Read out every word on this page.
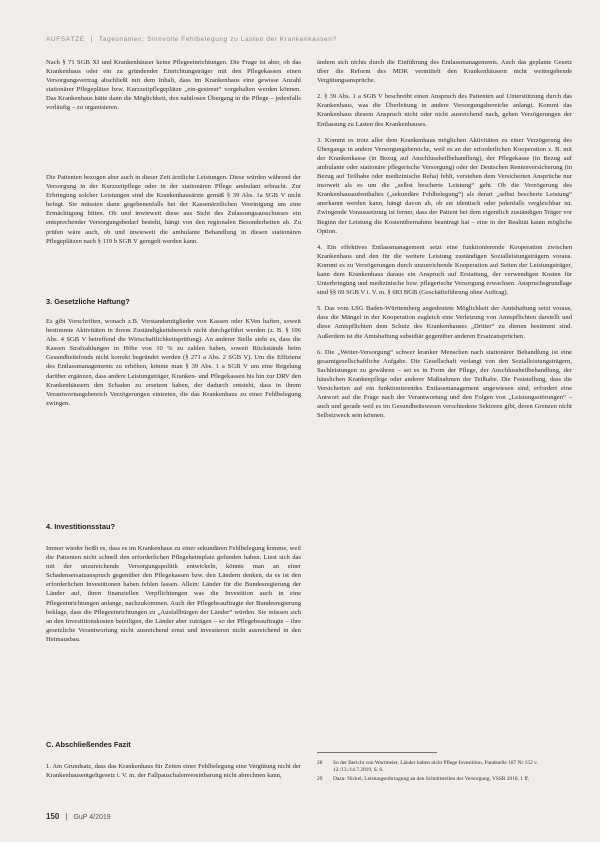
AUFSÄTZE | Tagesnamen: Sinnvolle Fehlbelegung zu Lasten der Krankenkassen?

Nach § 71 SGB XI und Krankenhäuser keine Pflegeeinrichtungen. Die Frage ist aber, ob das Krankenhaus oder ein zu gründender Einrichtungsträger mit den Pflegekassen einen Versorgungsvertrag abschließt mit dem Inhalt, dass im Krankenhaus eine gewisse Anzahl stationärer Pflegeplätze bzw. Kurzzeitpflegeplätze „ein-gestreut“ vorgehalten werden können. Das Krankenhaus hätte dann die Möglichkeit, den nahtlosen Übergang in die Pflege – jedenfalls vorläufig – zu organisieren.

Die Patienten bezogen aber auch in dieser Zeit ärztliche Leistungen. Diese würden während der Versorgung in der Kurzzeitpflege oder in der stationären Pflege ambulant erbracht. Zur Erbringung solcher Leistungen sind die Krankenhausärzte gemäß § 39 Abs. 1a SGB V nicht befugt. Sie müssten dann gegebenenfalls bei der Kassenärztlichen Vereinigung um eine Ermächtigung bitten. Ob und inwieweit diese aus Sicht des Zulassungsausschusses ein entsprechender Versorgungsbedarf besteht, hängt von den regionalen Besonderheiten ab. Zu prüfen wäre auch, ob und inwieweit die ambulante Behandlung in diesen stationären Pflegeplätzen nach § 119 b SGB V geregelt werden kann.

3. Gesetzliche Haftung?

Es gibt Vorschriften, wonach z.B. Vorstandsmitglieder von Kassen oder KVen haften, soweit bestimmte Aktivitäten in ihrem Zuständigkeitsbereich nicht durchgeführt werden (z. B. § 106 Abs. 4 SGB V betreffend die Wirtschaftlichkeitsprüfung). An anderer Stelle sieht es, dass die Kassen Strafzahlungen in Höhe von 10 % zu zahlen haben, soweit Rückstände beim Gesundheitsfonds nicht korrekt begründet werden (§ 271 a Abs. 2 SGB V). Um die Effizienz des Entlassmanagements zu erhöhen, könnte man § 39 Abs. 1 a SGB V um eine Regelung darüber ergänzen, dass andere Leistungsträger, Kranken- und Pflegekassen bis hin zur DRV den Krankenhäusern den Schaden zu ersetzen haben, der dadurch entsteht, dass in ihrem Verantwortungsbereich Verzögerungen eintreten, die das Krankenhaus zu einer Fehlbelegung zwingen.

4. Investitionsstau?

Immer wieder heißt es, dass es im Krankenhaus zu einer sekundären Fehlbelegung komme, weil die Patienten nicht schnell den erforderlichen Pflegeheimplatz gefunden haben. Liest sich das mit der unzureichende Versorgungspolitik entwickeln, könnte man an einer Schadensersatzanspruch gegenüber den Pflegekassen bzw. den Ländern denken, da es ist den erforderlichen Investitionen haben fehlen lassen. Allein: Länder für die Bundesregierung der Länder auf, ihren finanziellen Verpflichtungen was die Investition auch in eine Pflegeeinrichtungen anlange, nachzukommen. Auch der Pflegebeauftragte der Bundesregierung beklage, dass die Pflegeeinrichtungen zu „Ausfallbürgen der Länder“ würden. Sie müssen sich an den Investitionskosten beteiligen, die Länder aber zuträgen – so der Pflegebeauftragte – ihre gesetzliche Verantwortung nicht ausreichend ernst und investieren nicht ausreichend in den Heimausbau.

ändern sich nichts durch die Einführung des Entlassmanagements. Auch das geplante Gesetz über die Reform des MDK vermittelt den Krankenhäusern nicht weitergehende Vergütungsansprüche.

2. § 39 Abs. 1 a SGB V beschreibt einen Anspruch des Patienten auf Unterstützung durch das Krankenhaus, was die Überleitung in andere Versorgungsbereiche anlangt. Kommt das Krankenhaus diesem Anspruch nicht oder nicht ausreichend nach, gehen Verzögerungen der Entlassung zu Lasten des Krankenhauses.

3. Kommt es trotz aller dem Krankenhaus möglichen Aktivitäten zu einer Verzögerung des Übergangs in andere Versorgungsbereiche, weil es an der erforderlichen Kooperation z. B. mit der Krankenkasse (in Bezug auf Anschlussheilbehandlung), der Pflegekasse (in Bezug auf ambulante oder stationäre pflegerische Versorgung) oder der Deutschen Rentenversicherung (in Bezug auf Teilhabe oder medizinische Reha) fehlt, verstehen dem Versicherten Ansprüche nur insoweit als es um die „selbst bescherte Leistung“ geht. Ob die Verzögerung des Krankenhausaufenthaltes („sekundäre Fehlbelegung“) als derart „selbst bescherte Leistung“ anerkannt werden kann, hängt davon ab, ob sie identisch oder jedenfalls vergleichbar ist. Zwingende Voraussetzung ist ferner, dass der Patient bei dem eigentlich zuständigen Träger vor Beginn der Leistung die Kostenübernahme beantragt hat – eine in der Realität kaum mögliche Option.

4. Ein effektives Entlassmanagement setzt eine funktionierende Kooperation zwischen Krankenhaus und den für die weitere Leistung zuständigen Sozialleistungsträgern voraus. Kommt es zu Verzögerungen durch unzureichende Kooperation auf Seiten der Leistungsträger, kann dem Krankenhaus daraus ein Anspruch auf Erstattung, der verwendigen Kosten für Unterbringung und medizinische bzw. pflegerische Versorgung erwachsen. Anspruchsgrundlage sind §§ 69 SGB V i. V. m. § 683 BGB (Geschäftsführung ohne Auftrag).

5. Das vom LSG Baden-Württemberg angedeutete Möglichkeit der Amtshaftung setzt voraus, dass die Mängel in der Kooperation zugleich eine Verletzung von Amtspflichten darstellt und diese Amtspflichten dem Schutz des Krankenhauses „Dritter“ zu dienen bestimmt sind. Außerdem ist die Amtshaftung subsidiär gegenüber anderen Ersatzansprüchen.

6. Die „Weiter-Versorgung“ schwer kranker Menschen nach stationärer Behandlung ist eine gesamtgesellschaftliche Aufgabe. Die Gesellschaft verlangt von den Sozialleistungsträgern, Sachleistungen zu gewähren – sei es in Form der Pflege, der Anschlussheilbehandlung, der häuslichen Krankenpflege oder anderer Maßnahmen der Teilhabe. Die Feststellung, dass die Versicherten auf ein funktionierendes Entlassmanagement angewiesen sind, erfordert eine Antwort auf die Frage nach der Verantwortung und den Folgen von „Leistungsstörungen“ – auch und gerade weil es im Gesundheitswesen verschiedene Sektoren gibt, deren Grenzen nicht Selbstzweck sein können.

C. Abschließendes Fazit

1. Am Grundsatz, dass das Krankenhaus für Zeiten einer Fehlbelegung eine Vergütung nicht der Krankenhausentgeltgesetz i. V. m. der Fallpauschalenvereinbarung nicht abrechnen kann,

28	So der Bericht von Wortmeier, Länder halten nicht Pflege Investition, Fundstelle 187 Nr 152 v. 12./13./14.7.2019, S. 6.
29	Dazu: Nickel, Leistungserbringung an den Schnittstellen der Versorgung, VSSR 2018, 1 ff.
150 | GuP 4/2019
